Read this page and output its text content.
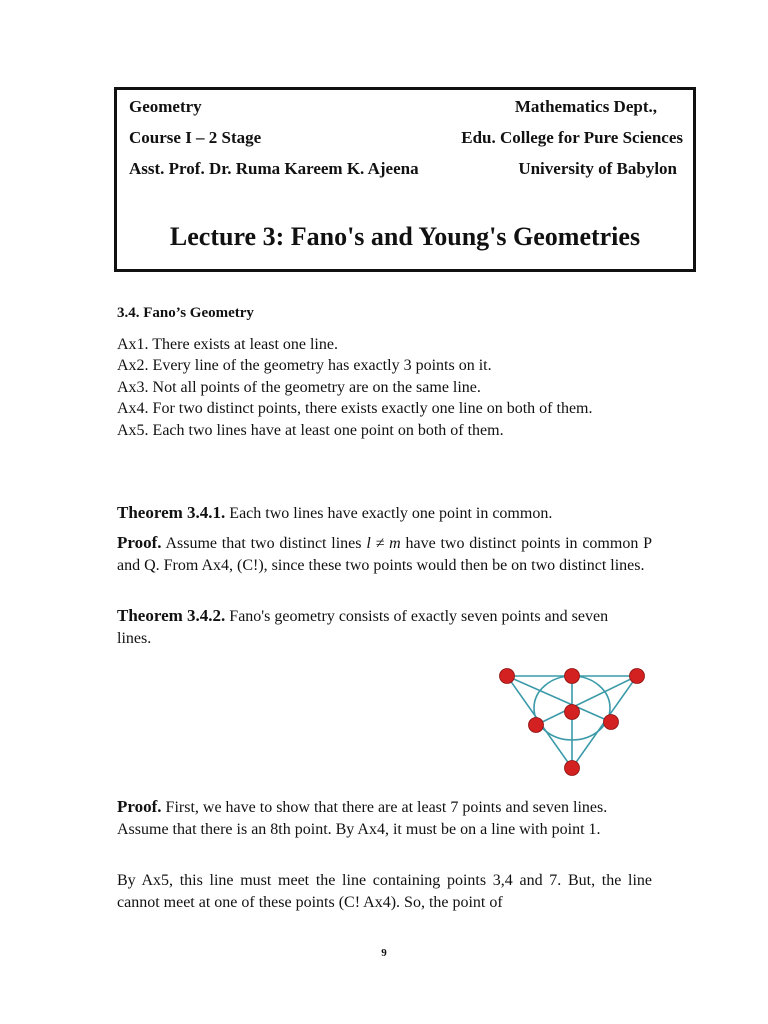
Geometry	Mathematics Dept.,
Course I – 2 Stage	Edu. College for Pure Sciences
Asst. Prof. Dr. Ruma Kareem K. Ajeena	University of Babylon
Lecture 3: Fano's and Young's Geometries
3.4. Fano’s Geometry
Ax1. There exists at least one line.
Ax2. Every line of the geometry has exactly 3 points on it.
Ax3. Not all points of the geometry are on the same line.
Ax4. For two distinct points, there exists exactly one line on both of them.
Ax5. Each two lines have at least one point on both of them.
Theorem 3.4.1. Each two lines have exactly one point in common.
Proof. Assume that two distinct lines l ≠ m have two distinct points in common P and Q. From Ax4, (C!), since these two points would then be on two distinct lines.
Theorem 3.4.2. Fano's geometry consists of exactly seven points and seven lines.
Proof. First, we have to show that there are at least 7 points and seven lines. Assume that there is an 8th point. By Ax4, it must be on a line with point 1.
By Ax5, this line must meet the line containing points 3,4 and 7. But, the line cannot meet at one of these points (C! Ax4). So, the point of
9
